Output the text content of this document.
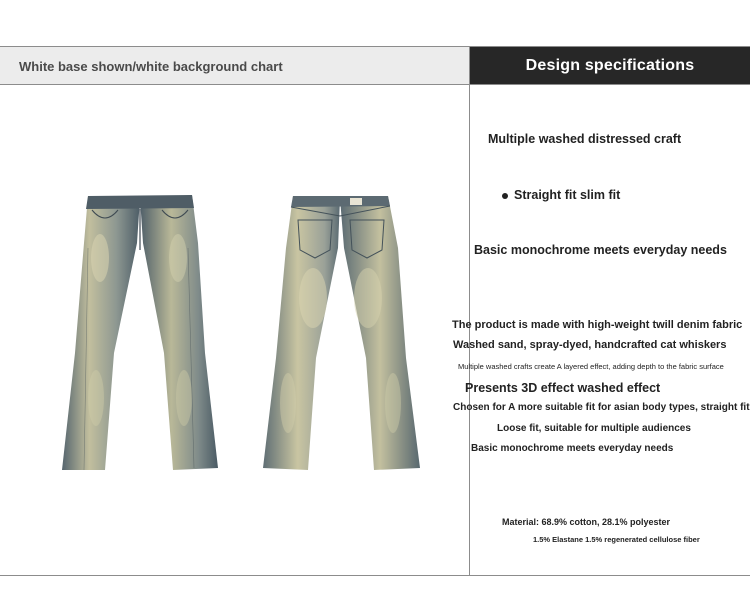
White base shown/white background chart	Design specifications
Multiple washed distressed craft
Straight fit slim fit
Basic monochrome meets everyday needs
The product is made with high-weight twill denim fabric
Washed sand, spray-dyed, handcrafted cat whiskers
Multiple washed crafts create A layered effect, adding depth to the fabric surface
Presents 3D effect washed effect
Chosen for A more suitable fit for asian body types, straight fit
Loose fit, suitable for multiple audiences
Basic monochrome meets everyday needs
Material: 68.9% cotton, 28.1% polyester
1.5% Elastane 1.5% regenerated cellulose fiber
